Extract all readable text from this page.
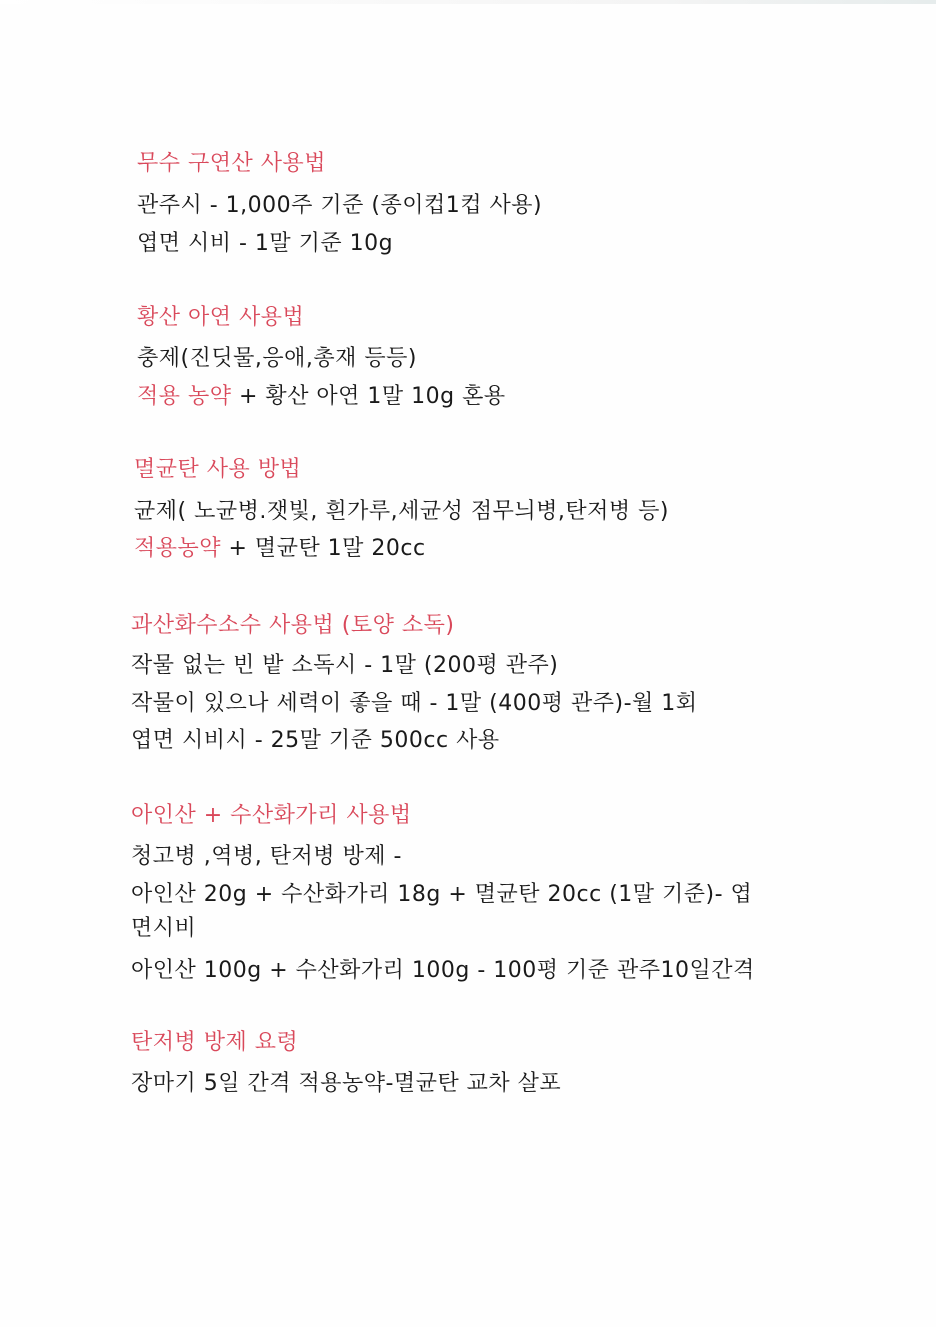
무수 구연산 사용법
관주시 - 1,000주 기준 (종이컵1컵 사용)
엽면 시비 - 1말 기준 10g
황산 아연 사용법
충제(진딧물,응애,총재 등등)
적용 농약 + 황산 아연 1말 10g 혼용
멸균탄 사용 방법
균제( 노균병.잿빛, 흰가루,세균성 점무늬병,탄저병 등)
적용농약 + 멸균탄 1말 20cc
과산화수소수 사용법 (토양 소독)
작물 없는 빈 밭 소독시 - 1말 (200평 관주)
작물이 있으나 세력이 좋을 때 - 1말 (400평 관주)-월 1회
엽면 시비시 - 25말 기준 500cc 사용
아인산 + 수산화가리 사용법
청고병 ,역병, 탄저병 방제 -
아인산 20g + 수산화가리 18g + 멸균탄 20cc (1말 기준)- 엽
면시비
아인산 100g + 수산화가리 100g - 100평 기준 관주10일간격
탄저병 방제 요령
장마기 5일 간격 적용농약-멸균탄 교차 살포
